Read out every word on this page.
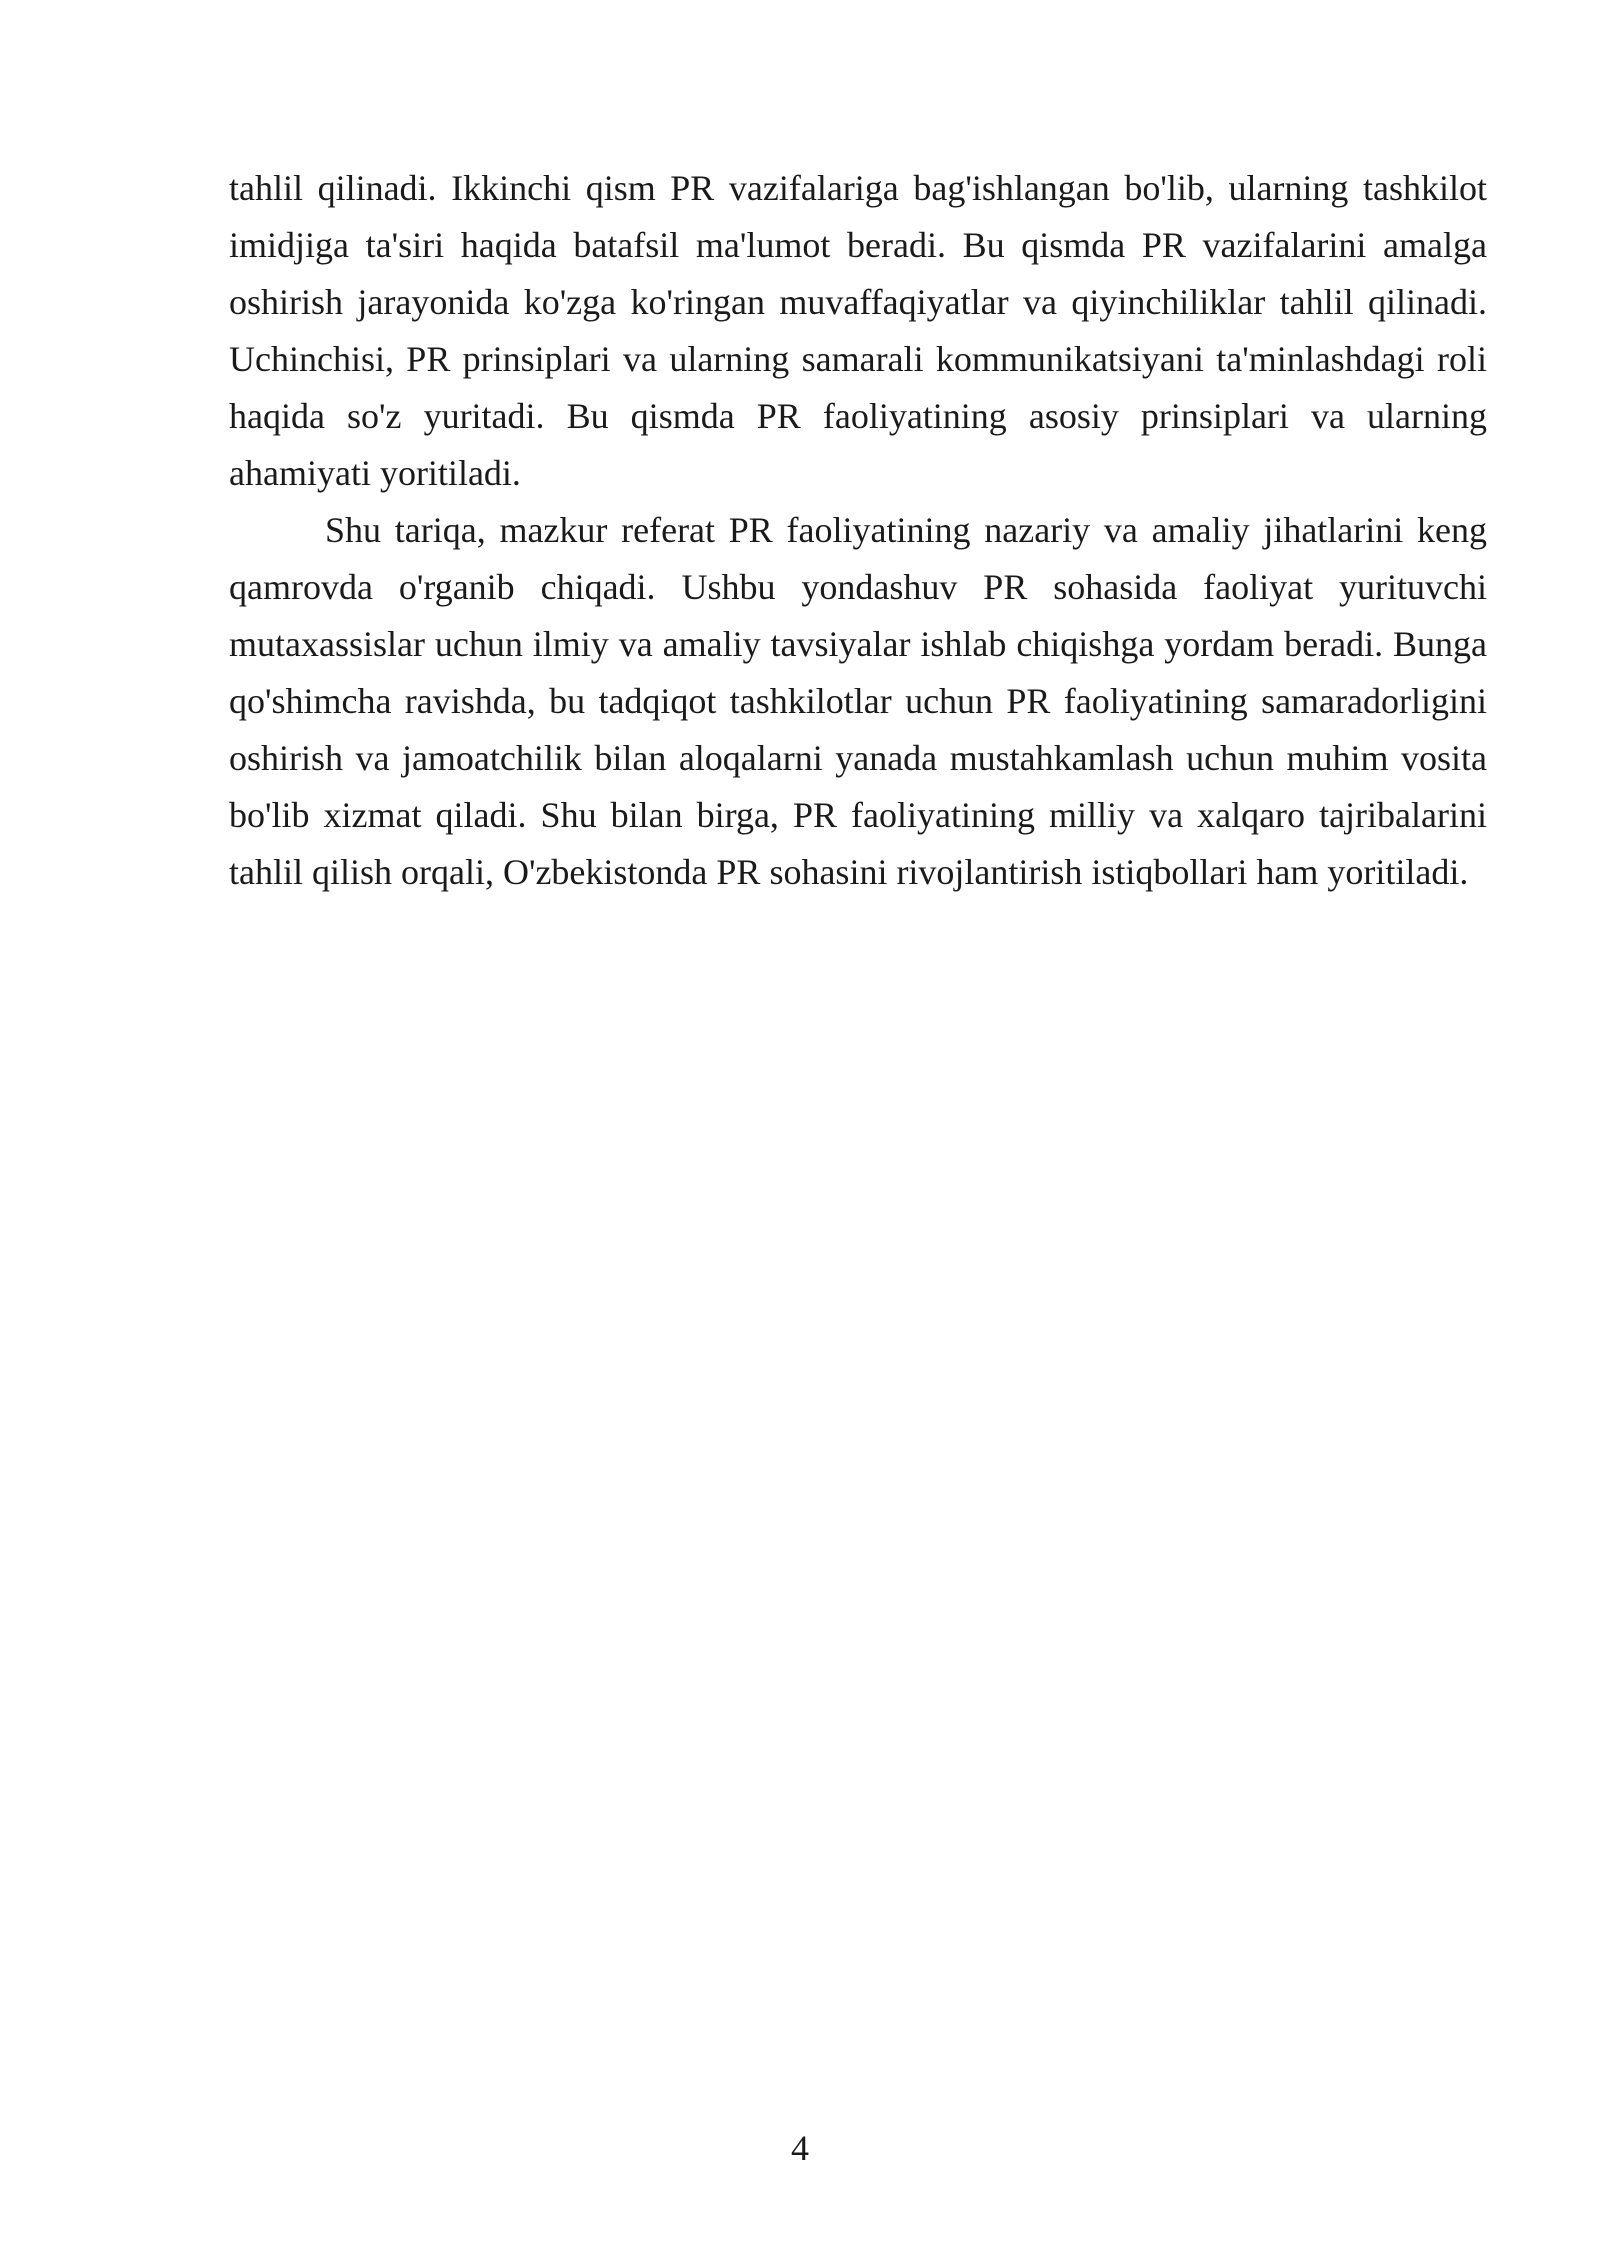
tahlil qilinadi. Ikkinchi qism PR vazifalariga bag'ishlangan bo'lib, ularning tashkilot imidjiga ta'siri haqida batafsil ma'lumot beradi. Bu qismda PR vazifalarini amalga oshirish jarayonida ko'zga ko'ringan muvaffaqiyatlar va qiyinchiliklar tahlil qilinadi. Uchinchisi, PR prinsiplari va ularning samarali kommunikatsiyani ta'minlashdagi roli haqida so'z yuritadi. Bu qismda PR faoliyatining asosiy prinsiplari va ularning ahamiyati yoritiladi.

Shu tariqa, mazkur referat PR faoliyatining nazariy va amaliy jihatlarini keng qamrovda o'rganib chiqadi. Ushbu yondashuv PR sohasida faoliyat yurituvchi mutaxassislar uchun ilmiy va amaliy tavsiyalar ishlab chiqishga yordam beradi. Bunga qo'shimcha ravishda, bu tadqiqot tashkilotlar uchun PR faoliyatining samaradorligini oshirish va jamoatchilik bilan aloqalarni yanada mustahkamlash uchun muhim vosita bo'lib xizmat qiladi. Shu bilan birga, PR faoliyatining milliy va xalqaro tajribalarini tahlil qilish orqali, O'zbekistonda PR sohasini rivojlantirish istiqbollari ham yoritiladi.

4
